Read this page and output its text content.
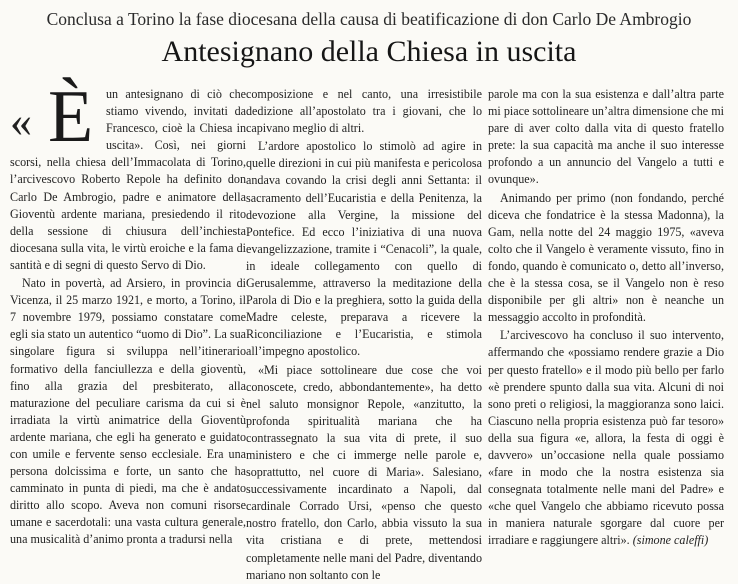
Conclusa a Torino la fase diocesana della causa di beatificazione di don Carlo De Ambrogio
Antesignano della Chiesa in uscita
« È	un antesignano di ciò che stiamo vivendo, invitati da Francesco, cioè la Chiesa in uscita». Così, nei giorni scorsi, nella chiesa dell’Immacolata di Torino, l’arcivescovo Roberto Repole ha definito don Carlo De Ambrogio, padre e animatore della Gioventù ardente mariana, presiedendo il rito della sessione di chiusura dell’inchiesta diocesana sulla vita, le virtù eroiche e la fama di santità e di segni di questo Servo di Dio.

Nato in povertà, ad Arsiero, in provincia di Vicenza, il 25 marzo 1921, e morto, a Torino, il 7 novembre 1979, possiamo constatare come egli sia stato un autentico “uomo di Dio”. La sua singolare figura si sviluppa nell’itinerario formativo della fanciullezza e della gioventù, fino alla grazia del presbiterato, alla maturazione del peculiare carisma da cui si è irradiata la virtù animatrice della Gioventù ardente mariana, che egli ha generato e guidato con umile e fervente senso ecclesiale. Era una persona dolcissima e forte, un santo che ha camminato in punta di piedi, ma che è andato diritto allo scopo. Aveva non comuni risorse umane e sacerdotali: una vasta cultura generale, una musicalità d’animo pronta a tradursi nella

composizione e nel canto, una irresistibile dedizione all’apostolato tra i giovani, che lo capivano meglio di altri.

L’ardore apostolico lo stimolò ad agire in quelle direzioni in cui più manifesta e pericolosa andava covando la crisi degli anni Settanta: il sacramento dell’Eucaristia e della Penitenza, la devozione alla Vergine, la missione del Pontefice. Ed ecco l’iniziativa di una nuova evangelizzazione, tramite i “Cenacoli”, la quale, in ideale collegamento con quello di Gerusalemme, attraverso la meditazione della Parola di Dio e la preghiera, sotto la guida della Madre celeste, preparava a ricevere la Riconciliazione e l’Eucaristia, e stimola all’impegno apostolico.

«Mi piace sottolineare due cose che voi conoscete, credo, abbondantemente», ha detto nel saluto monsignor Repole, «anzitutto, la profonda spiritualità mariana che ha contrassegnato la sua vita di prete, il suo ministero e che ci immerge nelle parole e, soprattutto, nel cuore di Maria». Salesiano, successivamente incardinato a Napoli, dal cardinale Corrado Ursi, «penso che questo nostro fratello, don Carlo, abbia vissuto la sua vita cristiana e di prete, mettendosi completamente nelle mani del Padre, diventando mariano non soltanto con le

parole ma con la sua esistenza e dall’altra parte mi piace sottolineare un’altra dimensione che mi pare di aver colto dalla vita di questo fratello prete: la sua capacità ma anche il suo interesse profondo a un annuncio del Vangelo a tutti e ovunque».

Animando per primo (non fondando, perché diceva che fondatrice è la stessa Madonna), la Gam, nella notte del 24 maggio 1975, «aveva colto che il Vangelo è veramente vissuto, fino in fondo, quando è comunicato o, detto all’inverso, che è la stessa cosa, se il Vangelo non è reso disponibile per gli altri» non è neanche un messaggio accolto in profondità.

L’arcivescovo ha concluso il suo intervento, affermando che «possiamo rendere grazie a Dio per questo fratello» e il modo più bello per farlo «è prendere spunto dalla sua vita. Alcuni di noi sono preti o religiosi, la maggioranza sono laici. Ciascuno nella propria esistenza può far tesoro» della sua figura «e, allora, la festa di oggi è davvero» un’occasione nella quale possiamo «fare in modo che la nostra esistenza sia consegnata totalmente nelle mani del Padre» e «che quel Vangelo che abbiamo ricevuto possa in maniera naturale sgorgare dal cuore per irradiare e raggiungere altri». (simone caleffi)
